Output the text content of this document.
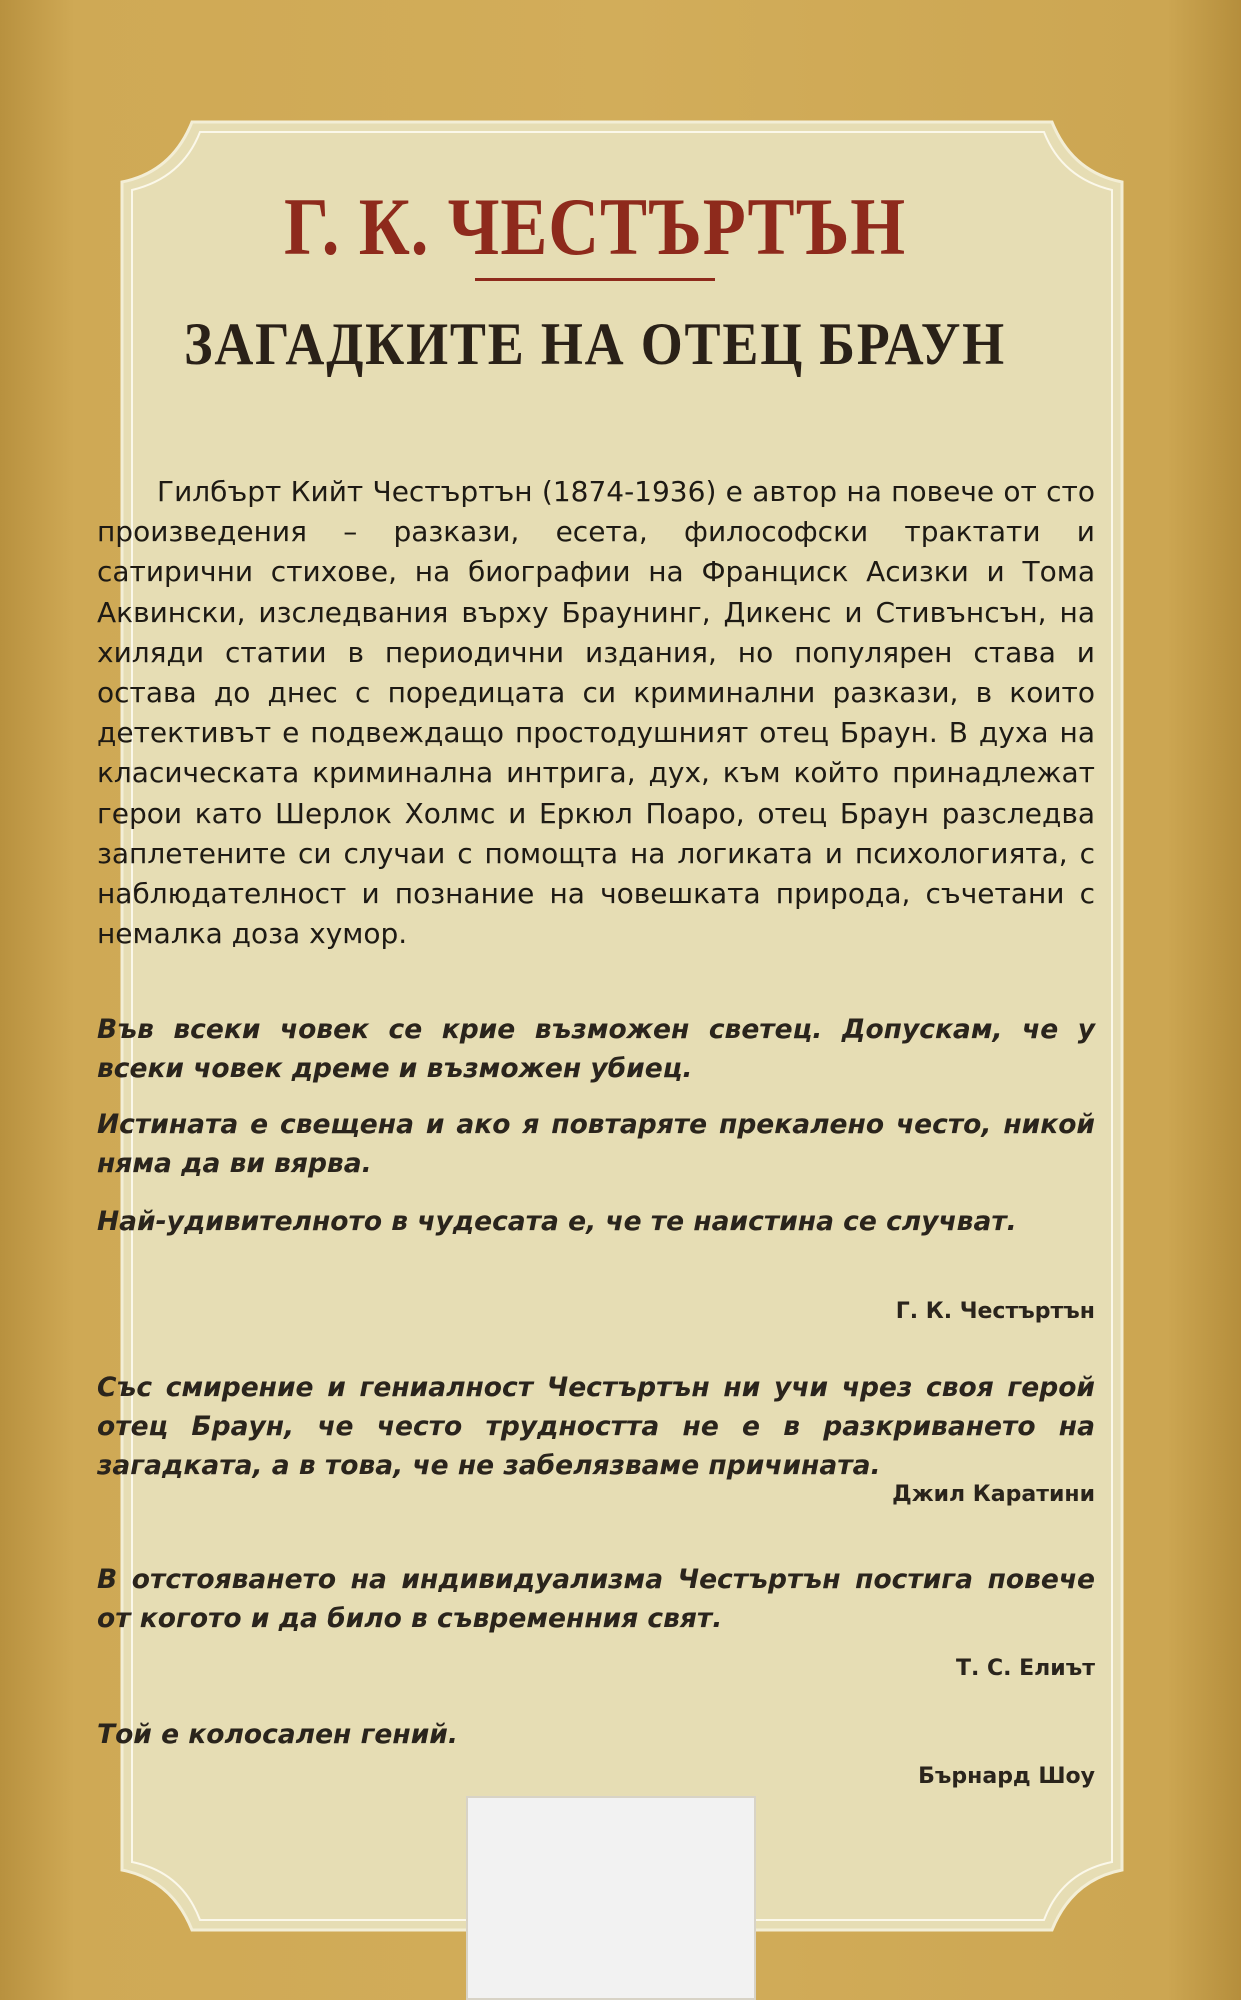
Г. К. ЧЕСТЪРТЪН
ЗАГАДКИТЕ НА ОТЕЦ БРАУН

Гилбърт Кийт Честъртън (1874-1936) е автор на повече от сто произведения – разкази, есета, философски трактати и сатирични стихове, на биографии на Франциск Асизки и Тома Аквински, изследвания върху Браунинг, Дикенс и Стивънсън, на хиляди статии в периодични издания, но популярен става и остава до днес с поредицата си криминални разкази, в които детективът е подвеждащо простодушният отец Браун. В духа на класическата криминална интрига, дух, към който принадлежат герои като Шерлок Холмс и Еркюл Поаро, отец Браун разследва заплетените си случаи с помощта на логиката и психологията, с наблюдателност и познание на човешката природа, съчетани с немалка доза хумор.

Във всеки човек се крие възможен светец. Допускам, че у всеки човек дреме и възможен убиец.

Истината е свещена и ако я повтаряте прекалено често, никой няма да ви вярва.

Най-удивителното в чудесата е, че те наистина се случват.

Г. К. Честъртън

Със смирение и гениалност Честъртън ни учи чрез своя герой отец Браун, че често трудността не е в разкриването на загадката, а в това, че не забелязваме причината.

Джил Каратини

В отстояването на индивидуализма Честъртън постига повече от когото и да било в съвременния свят.

Т. С. Елиът

Той е колосален гений.

Бърнард Шоу
